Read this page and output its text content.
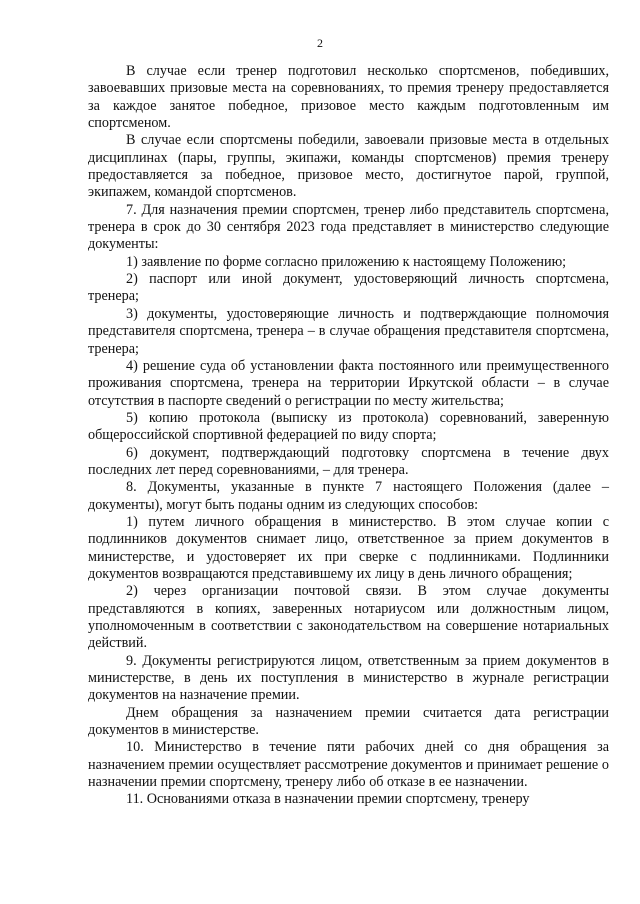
2

В случае если тренер подготовил несколько спортсменов, победивших, завоевавших призовые места на соревнованиях, то премия тренеру предоставляется за каждое занятое победное, призовое место каждым подготовленным им спортсменом.

В случае если спортсмены победили, завоевали призовые места в отдельных дисциплинах (пары, группы, экипажи, команды спортсменов) премия тренеру предоставляется за победное, призовое место, достигнутое парой, группой, экипажем, командой спортсменов.

7. Для назначения премии спортсмен, тренер либо представитель спортсмена, тренера в срок до 30 сентября 2023 года представляет в министерство следующие документы:

1) заявление по форме согласно приложению к настоящему Положению;

2) паспорт или иной документ, удостоверяющий личность спортсмена, тренера;

3) документы, удостоверяющие личность и подтверждающие полномочия представителя спортсмена, тренера – в случае обращения представителя спортсмена, тренера;

4) решение суда об установлении факта постоянного или преимущественного проживания спортсмена, тренера на территории Иркутской области – в случае отсутствия в паспорте сведений о регистрации по месту жительства;

5) копию протокола (выписку из протокола) соревнований, заверенную общероссийской спортивной федерацией по виду спорта;

6) документ, подтверждающий подготовку спортсмена в течение двух последних лет перед соревнованиями, – для тренера.

8. Документы, указанные в пункте 7 настоящего Положения (далее – документы), могут быть поданы одним из следующих способов:

1) путем личного обращения в министерство. В этом случае копии с подлинников документов снимает лицо, ответственное за прием документов в министерстве, и удостоверяет их при сверке с подлинниками. Подлинники документов возвращаются представившему их лицу в день личного обращения;

2) через организации почтовой связи. В этом случае документы представляются в копиях, заверенных нотариусом или должностным лицом, уполномоченным в соответствии с законодательством на совершение нотариальных действий.

9. Документы регистрируются лицом, ответственным за прием документов в министерстве, в день их поступления в министерство в журнале регистрации документов на назначение премии.

Днем обращения за назначением премии считается дата регистрации документов в министерстве.

10. Министерство в течение пяти рабочих дней со дня обращения за назначением премии осуществляет рассмотрение документов и принимает решение о назначении премии спортсмену, тренеру либо об отказе в ее назначении.

11. Основаниями отказа в назначении премии спортсмену, тренеру
